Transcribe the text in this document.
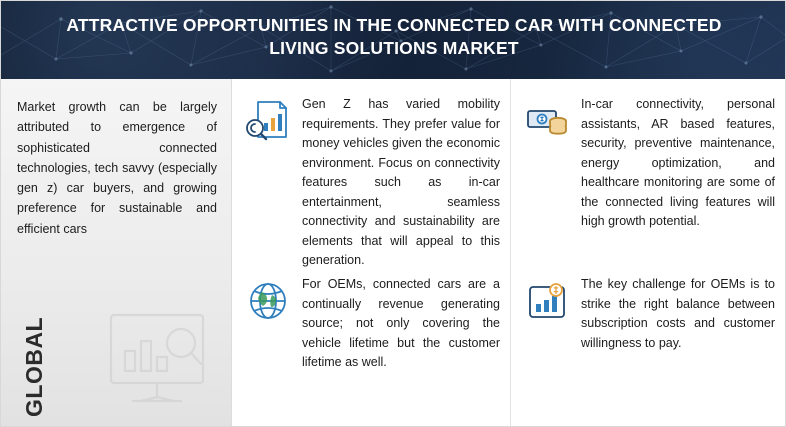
ATTRACTIVE OPPORTUNITIES IN THE CONNECTED CAR WITH CONNECTED LIVING SOLUTIONS MARKET
Market growth can be largely attributed to emergence of sophisticated connected technologies, tech savvy (especially gen z) car buyers, and growing preference for sustainable and efficient cars
GLOBAL
Gen Z has varied mobility requirements. They prefer value for money vehicles given the economic environment. Focus on connectivity features such as in-car entertainment, seamless connectivity and sustainability are elements that will appeal to this generation.
For OEMs, connected cars are a continually revenue generating source; not only covering the vehicle lifetime but the customer lifetime as well.
In-car connectivity, personal assistants, AR based features, security, preventive maintenance, energy optimization, and healthcare monitoring are some of the connected living features will high growth potential.
The key challenge for OEMs is to strike the right balance between subscription costs and customer willingness to pay.
